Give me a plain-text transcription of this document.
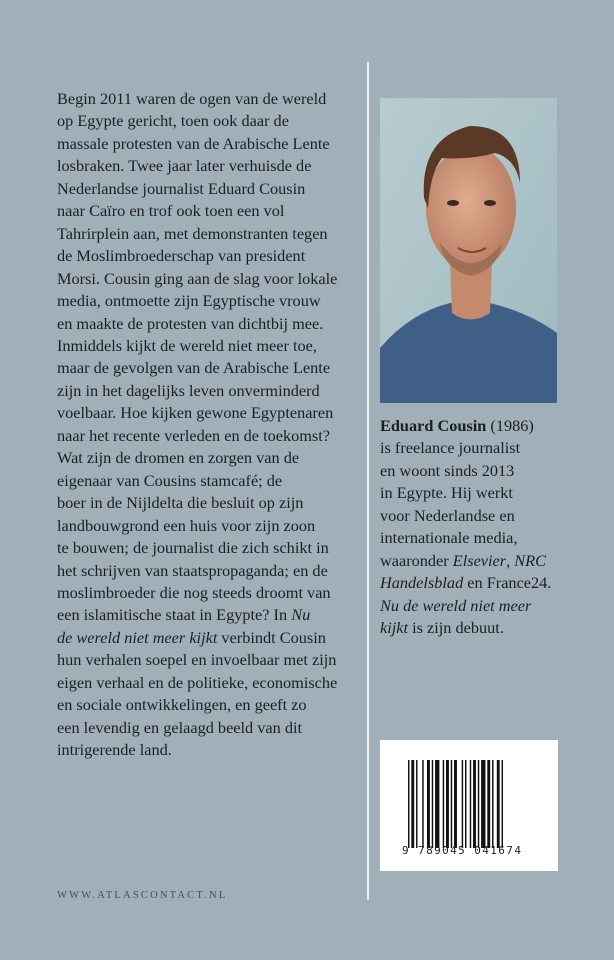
Begin 2011 waren de ogen van de wereld
op Egypte gericht, toen ook daar de
massale protesten van de Arabische Lente
losbraken. Twee jaar later verhuisde de
Nederlandse journalist Eduard Cousin
naar Caïro en trof ook toen een vol
Tahrirplein aan, met demonstranten tegen
de Moslimbroederschap van president
Morsi. Cousin ging aan de slag voor lokale
media, ontmoette zijn Egyptische vrouw
en maakte de protesten van dichtbij mee.
Inmiddels kijkt de wereld niet meer toe,
maar de gevolgen van de Arabische Lente
zijn in het dagelijks leven onverminderd
voelbaar. Hoe kijken gewone Egyptenaren
naar het recente verleden en de toekomst?
Wat zijn de dromen en zorgen van de
eigenaar van Cousins stamcafé; de
boer in de Nijldelta die besluit op zijn
landbouwgrond een huis voor zijn zoon
te bouwen; de journalist die zich schikt in
het schrijven van staatspropaganda; en de
moslimbroeder die nog steeds droomt van
een islamitische staat in Egypte? In Nu
de wereld niet meer kijkt verbindt Cousin
hun verhalen soepel en invoelbaar met zijn
eigen verhaal en de politieke, economische
en sociale ontwikkelingen, en geeft zo
een levendig en gelaagd beeld van dit
intrigerende land.
Eduard Cousin (1986)
is freelance journalist
en woont sinds 2013
in Egypte. Hij werkt
voor Nederlandse en
internationale media,
waaronder Elsevier, NRC
Handelsblad en France24.
Nu de wereld niet meer
kijkt is zijn debuut.
9 789045 041674
WWW.ATLASCONTACT.NL
